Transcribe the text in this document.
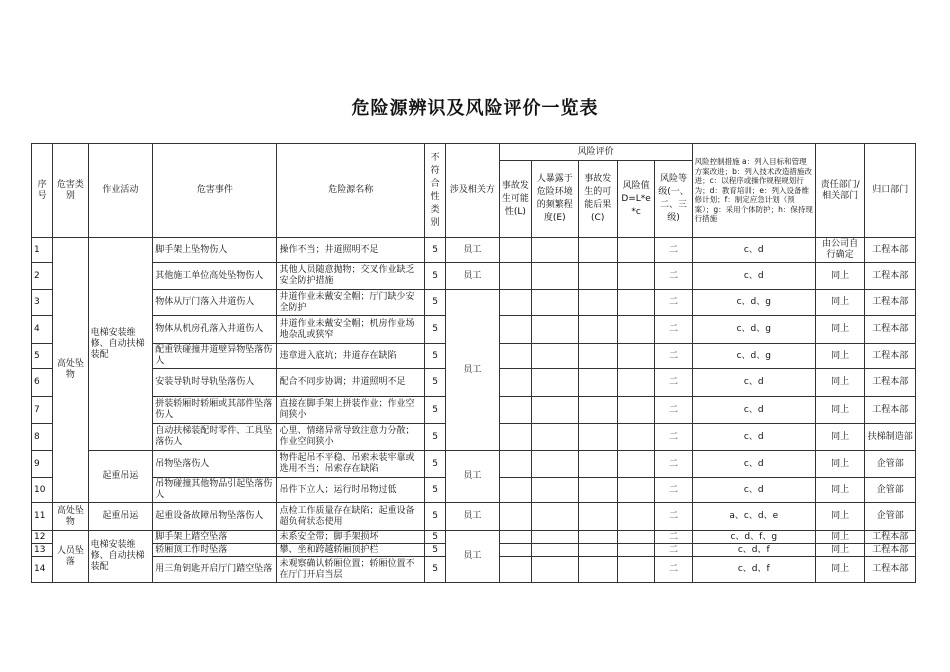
危险源辨识及风险评价一览表
序号	危害类别	作业活动	危害事件	危险源名称	不符合性类别	涉及相关方	风险评价					风险控制措施 a：列入目标和管理方案改进；b：列入技术改造措施改进；c：以程序或操作规程规划行为；d：教育培训；e：列入设备维修计划；f：制定应急计划（预案）；g：采用个体防护；h：保持现行措施	责任部门/相关部门	归口部门
							事故发生可能性(L)	人暴露于危险环境的频繁程度(E)	事故发生的可能后果(C)	风险值D=L*e*c	风险等级(一、二、三级)			
1	高处坠物	电梯安装维修、自动扶梯装配	脚手架上坠物伤人	操作不当；井道照明不足	5	员工					二	c、d	由公司自行确定	工程本部
2			其他施工单位高处坠物伤人	其他人员随意抛物；交叉作业缺乏安全防护措施	5	员工					二	c、d	同上	工程本部
3			物体从厅门落入井道伤人	井道作业未戴安全帽；厅门缺少安全防护	5	员工					二	c、d、g	同上	工程本部
4			物体从机房孔落入井道伤人	井道作业未戴安全帽；机房作业场地杂乱或狭窄	5						二	c、d、g	同上	工程本部
5			配重铁碰撞井道壁异物坠落伤人	违章进入底坑；井道存在缺陷	5						二	c、d、g	同上	工程本部
6			安装导轨时导轨坠落伤人	配合不同步协调；井道照明不足	5						二	c、d	同上	工程本部
7			拼装轿厢时轿厢或其部件坠落伤人	直接在脚手架上拼装作业；作业空间狭小	5						二	c、d	同上	工程本部
8			自动扶梯装配时零件、工具坠落伤人	心里、情绪异常导致注意力分散；作业空间狭小	5						二	c、d	同上	扶梯制造部
9		起重吊运	吊物坠落伤人	物件起吊不平稳、吊索未装牢靠或选用不当；吊索存在缺陷	5	员工					二	c、d	同上	企管部
10			吊物碰撞其他物品引起坠落伤人	吊件下立人；运行时吊物过低	5						二	c、d	同上	企管部
11	高处坠物	起重吊运	起重设备故障吊物坠落伤人	点检工作质量存在缺陷；起重设备超负荷状态使用	5	员工					二	a、c、d、e	同上	企管部
12	人员坠落	电梯安装维修、自动扶梯装配	脚手架上踏空坠落	未系安全带；脚手架损坏	5	员工					二	c、d、f、g	同上	工程本部
13			轿厢顶工作时坠落	攀、坐和跨越轿厢顶护栏	5						二	c、d、f	同上	工程本部
14			用三角钥匙开启厅门踏空坠落	未观察确认轿厢位置；轿厢位置不在厅门开启当层	5						二	c、d、f	同上	工程本部
